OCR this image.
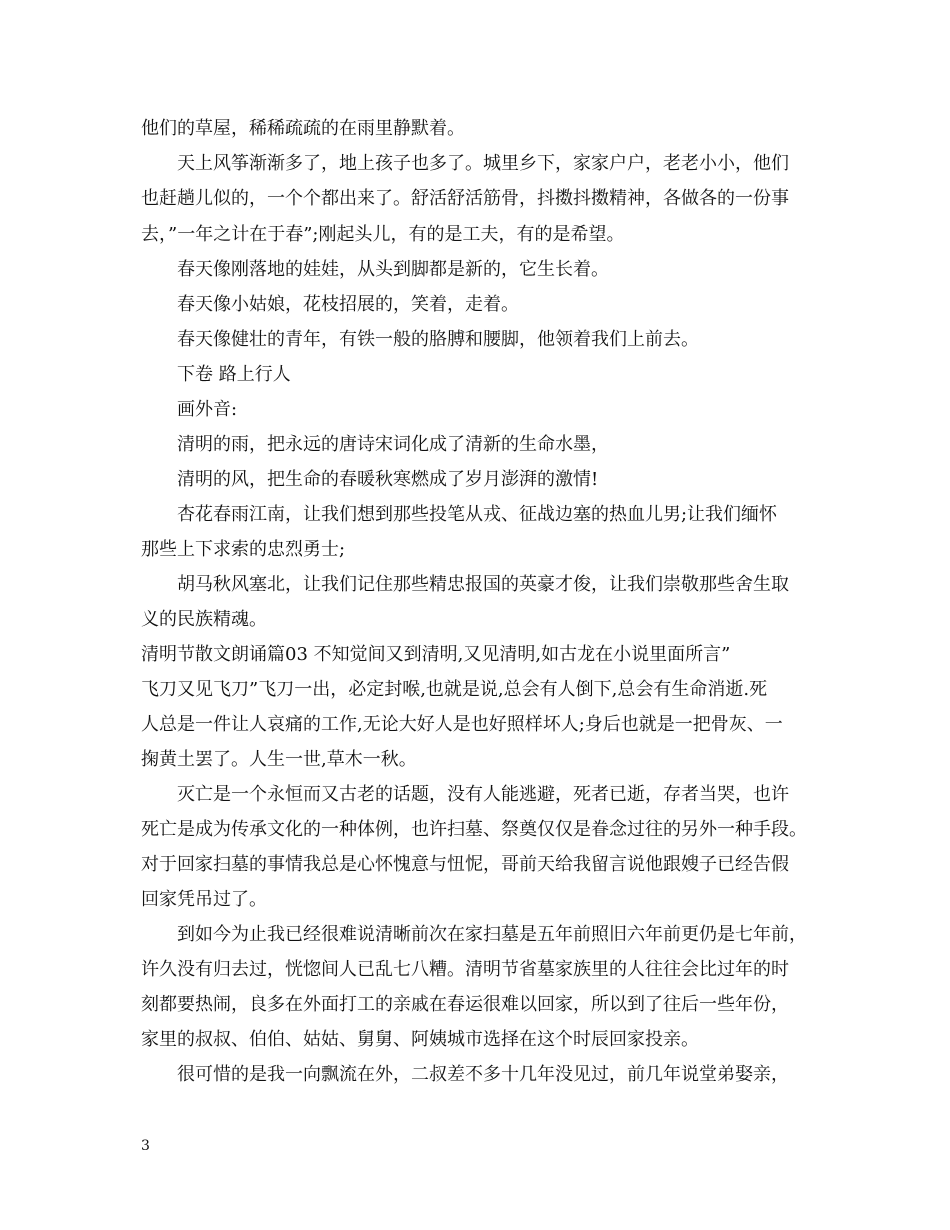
他们的草屋，稀稀疏疏的在雨里静默着。
天上风筝渐渐多了，地上孩子也多了。城里乡下，家家户户，老老小小，他们
也赶趟儿似的，一个个都出来了。舒活舒活筋骨，抖擞抖擞精神，各做各的一份事
去，”一年之计在于春”;刚起头儿，有的是工夫，有的是希望。
春天像刚落地的娃娃，从头到脚都是新的，它生长着。
春天像小姑娘，花枝招展的，笑着，走着。
春天像健壮的青年，有铁一般的胳膊和腰脚，他领着我们上前去。
下卷 路上行人
画外音:
清明的雨，把永远的唐诗宋词化成了清新的生命水墨，
清明的风，把生命的春暖秋寒燃成了岁月澎湃的激情!
杏花春雨江南，让我们想到那些投笔从戎、征战边塞的热血儿男;让我们缅怀
那些上下求索的忠烈勇士;
胡马秋风塞北，让我们记住那些精忠报国的英豪才俊，让我们崇敬那些舍生取
义的民族精魂。
清明节散文朗诵篇03 不知觉间又到清明,又见清明,如古龙在小说里面所言”
飞刀又见飞刀”飞刀一出，必定封喉,也就是说,总会有人倒下,总会有生命消逝.死
人总是一件让人哀痛的工作,无论大好人是也好照样坏人;身后也就是一把骨灰、一
掬黄土罢了。人生一世,草木一秋。
灭亡是一个永恒而又古老的话题，没有人能逃避，死者已逝，存者当哭，也许
死亡是成为传承文化的一种体例，也许扫墓、祭奠仅仅是眷念过往的另外一种手段。
对于回家扫墓的事情我总是心怀愧意与忸怩，哥前天给我留言说他跟嫂子已经告假
回家凭吊过了。
到如今为止我已经很难说清晰前次在家扫墓是五年前照旧六年前更仍是七年前，
许久没有归去过，恍惚间人已乱七八糟。清明节省墓家族里的人往往会比过年的时
刻都要热闹，良多在外面打工的亲戚在春运很难以回家，所以到了往后一些年份，
家里的叔叔、伯伯、姑姑、舅舅、阿姨城市选择在这个时辰回家投亲。
很可惜的是我一向飘流在外，二叔差不多十几年没见过，前几年说堂弟娶亲，
3
